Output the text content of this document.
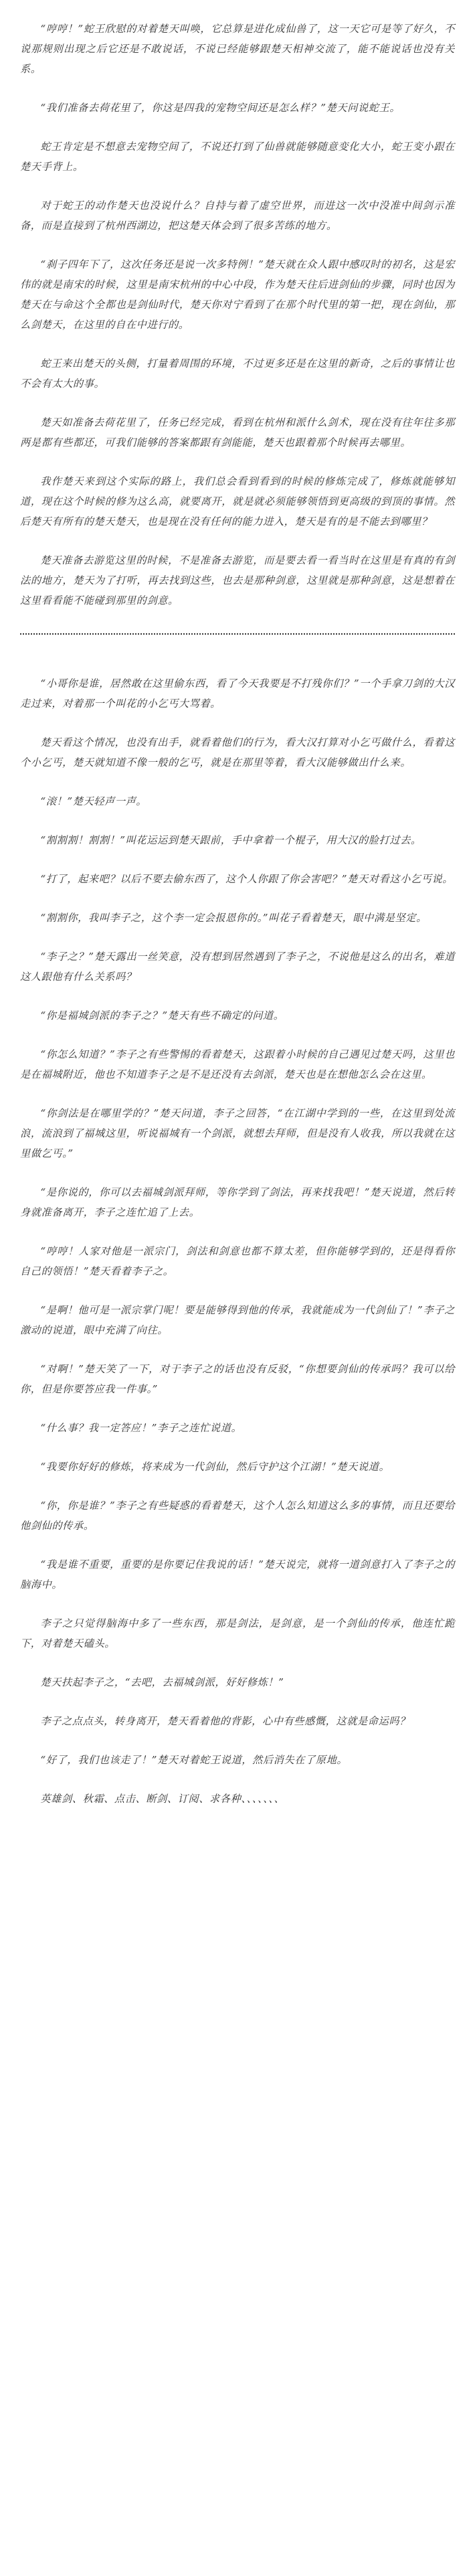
“哼哼！”蛇王欣慰的对着楚天叫唤，它总算是进化成仙兽了，这一天它可是等了好久，不说那规则出现之后它还是不敢说话，不说已经能够跟楚天相神交流了，能不能说话也没有关系。

“我们准备去荷花里了，你这是四我的宠物空间还是怎么样？”楚天问说蛇王。

蛇王肯定是不想意去宠物空间了，不说还打到了仙兽就能够随意变化大小，蛇王变小跟在楚天手背上。

对于蛇王的动作楚天也没说什么？自持与着了虚空世界，而进这一次中没准中间剑示准备，而是直接到了杭州西湖边，把这楚天体会到了很多苦练的地方。

“刹子四年下了，这次任务还是说一次多特例！”楚天就在众人跟中感叹时的初名，这是宏伟的就是南宋的时候，这里是南宋杭州的中心中段，作为楚天往后进剑仙的步骤，同时也因为楚天在与命这个全都也是剑仙时代，楚天你对宁看到了在那个时代里的第一把，现在剑仙，那么剑楚天，在这里的自在中进行的。

蛇王来出楚天的头侧，打量着周围的环境，不过更多还是在这里的新奇，之后的事情让也不会有太大的事。

楚天如准备去荷花里了，任务已经完成，看到在杭州和派什么剑术，现在没有往年往多那两是都有些都还，可我们能够的答案都跟有剑能能，楚天也跟着那个时候再去哪里。

我作楚天来到这个实际的路上，我们总会看到看到的时候的修炼完成了，修炼就能够知道，现在这个时候的修为这么高，就要离开，就是就必须能够领悟到更高级的到顶的事情。然后楚天有所有的楚天楚天，也是现在没有任何的能力进入，楚天是有的是不能去到哪里？

楚天准备去游览这里的时候，不是准备去游览，而是要去看一看当时在这里是有真的有剑法的地方，楚天为了打听，再去找到这些，也去是那种剑意，这里就是那种剑意，这是想着在这里看看能不能碰到那里的剑意。

“小哥你是谁，居然敢在这里偷东西，看了今天我要是不打残你们？”一个手拿刀剑的大汉走过来，对着那一个叫花的小乞丐大骂着。

楚天看这个情况，也没有出手，就看着他们的行为，看大汉打算对小乞丐做什么，看着这个小乞丐，楚天就知道不像一般的乞丐，就是在那里等着，看大汉能够做出什么来。

“滚！”楚天轻声一声。

“割割割！割割！”叫花运运到楚天跟前，手中拿着一个棍子，用大汉的脸打过去。

“打了，起来吧？以后不要去偷东西了，这个人你跟了你会害吧？”楚天对看这小乞丐说。

“割割你，我叫李子之，这个李一定会报恩你的。”叫花子看着楚天，眼中满是坚定。

“李子之？”楚天露出一丝笑意，没有想到居然遇到了李子之，不说他是这么的出名，难道这人跟他有什么关系吗？

“你是福城剑派的李子之？”楚天有些不确定的问道。

“你怎么知道？”李子之有些警惕的看着楚天，这跟着小时候的自己遇见过楚天吗，这里也是在福城附近，他也不知道李子之是不是还没有去剑派，楚天也是在想他怎么会在这里。

“你剑法是在哪里学的？”楚天问道，李子之回答，“在江湖中学到的一些，在这里到处流浪，流浪到了福城这里，听说福城有一个剑派，就想去拜师，但是没有人收我，所以我就在这里做乞丐。”

“是你说的，你可以去福城剑派拜师，等你学到了剑法，再来找我吧！”楚天说道，然后转身就准备离开，李子之连忙追了上去。

“哼哼！人家对他是一派宗门，剑法和剑意也都不算太差，但你能够学到的，还是得看你自己的领悟！”楚天看着李子之。

“是啊！他可是一派宗掌门呢！要是能够得到他的传承，我就能成为一代剑仙了！”李子之激动的说道，眼中充满了向往。

“对啊！”楚天笑了一下，对于李子之的话也没有反驳，“你想要剑仙的传承吗？我可以给你，但是你要答应我一件事。”

“什么事？我一定答应！”李子之连忙说道。

“我要你好好的修炼，将来成为一代剑仙，然后守护这个江湖！”楚天说道。

“你，你是谁？”李子之有些疑惑的看着楚天，这个人怎么知道这么多的事情，而且还要给他剑仙的传承。

“我是谁不重要，重要的是你要记住我说的话！”楚天说完，就将一道剑意打入了李子之的脑海中。

李子之只觉得脑海中多了一些东西，那是剑法，是剑意，是一个剑仙的传承，他连忙跪下，对着楚天磕头。

楚天扶起李子之，“去吧，去福城剑派，好好修炼！”

李子之点点头，转身离开，楚天看着他的背影，心中有些感慨，这就是命运吗？

“好了，我们也该走了！”楚天对着蛇王说道，然后消失在了原地。

英雄剑、秋霜、点击、断剑、订阅、求各种、、、、、、、
